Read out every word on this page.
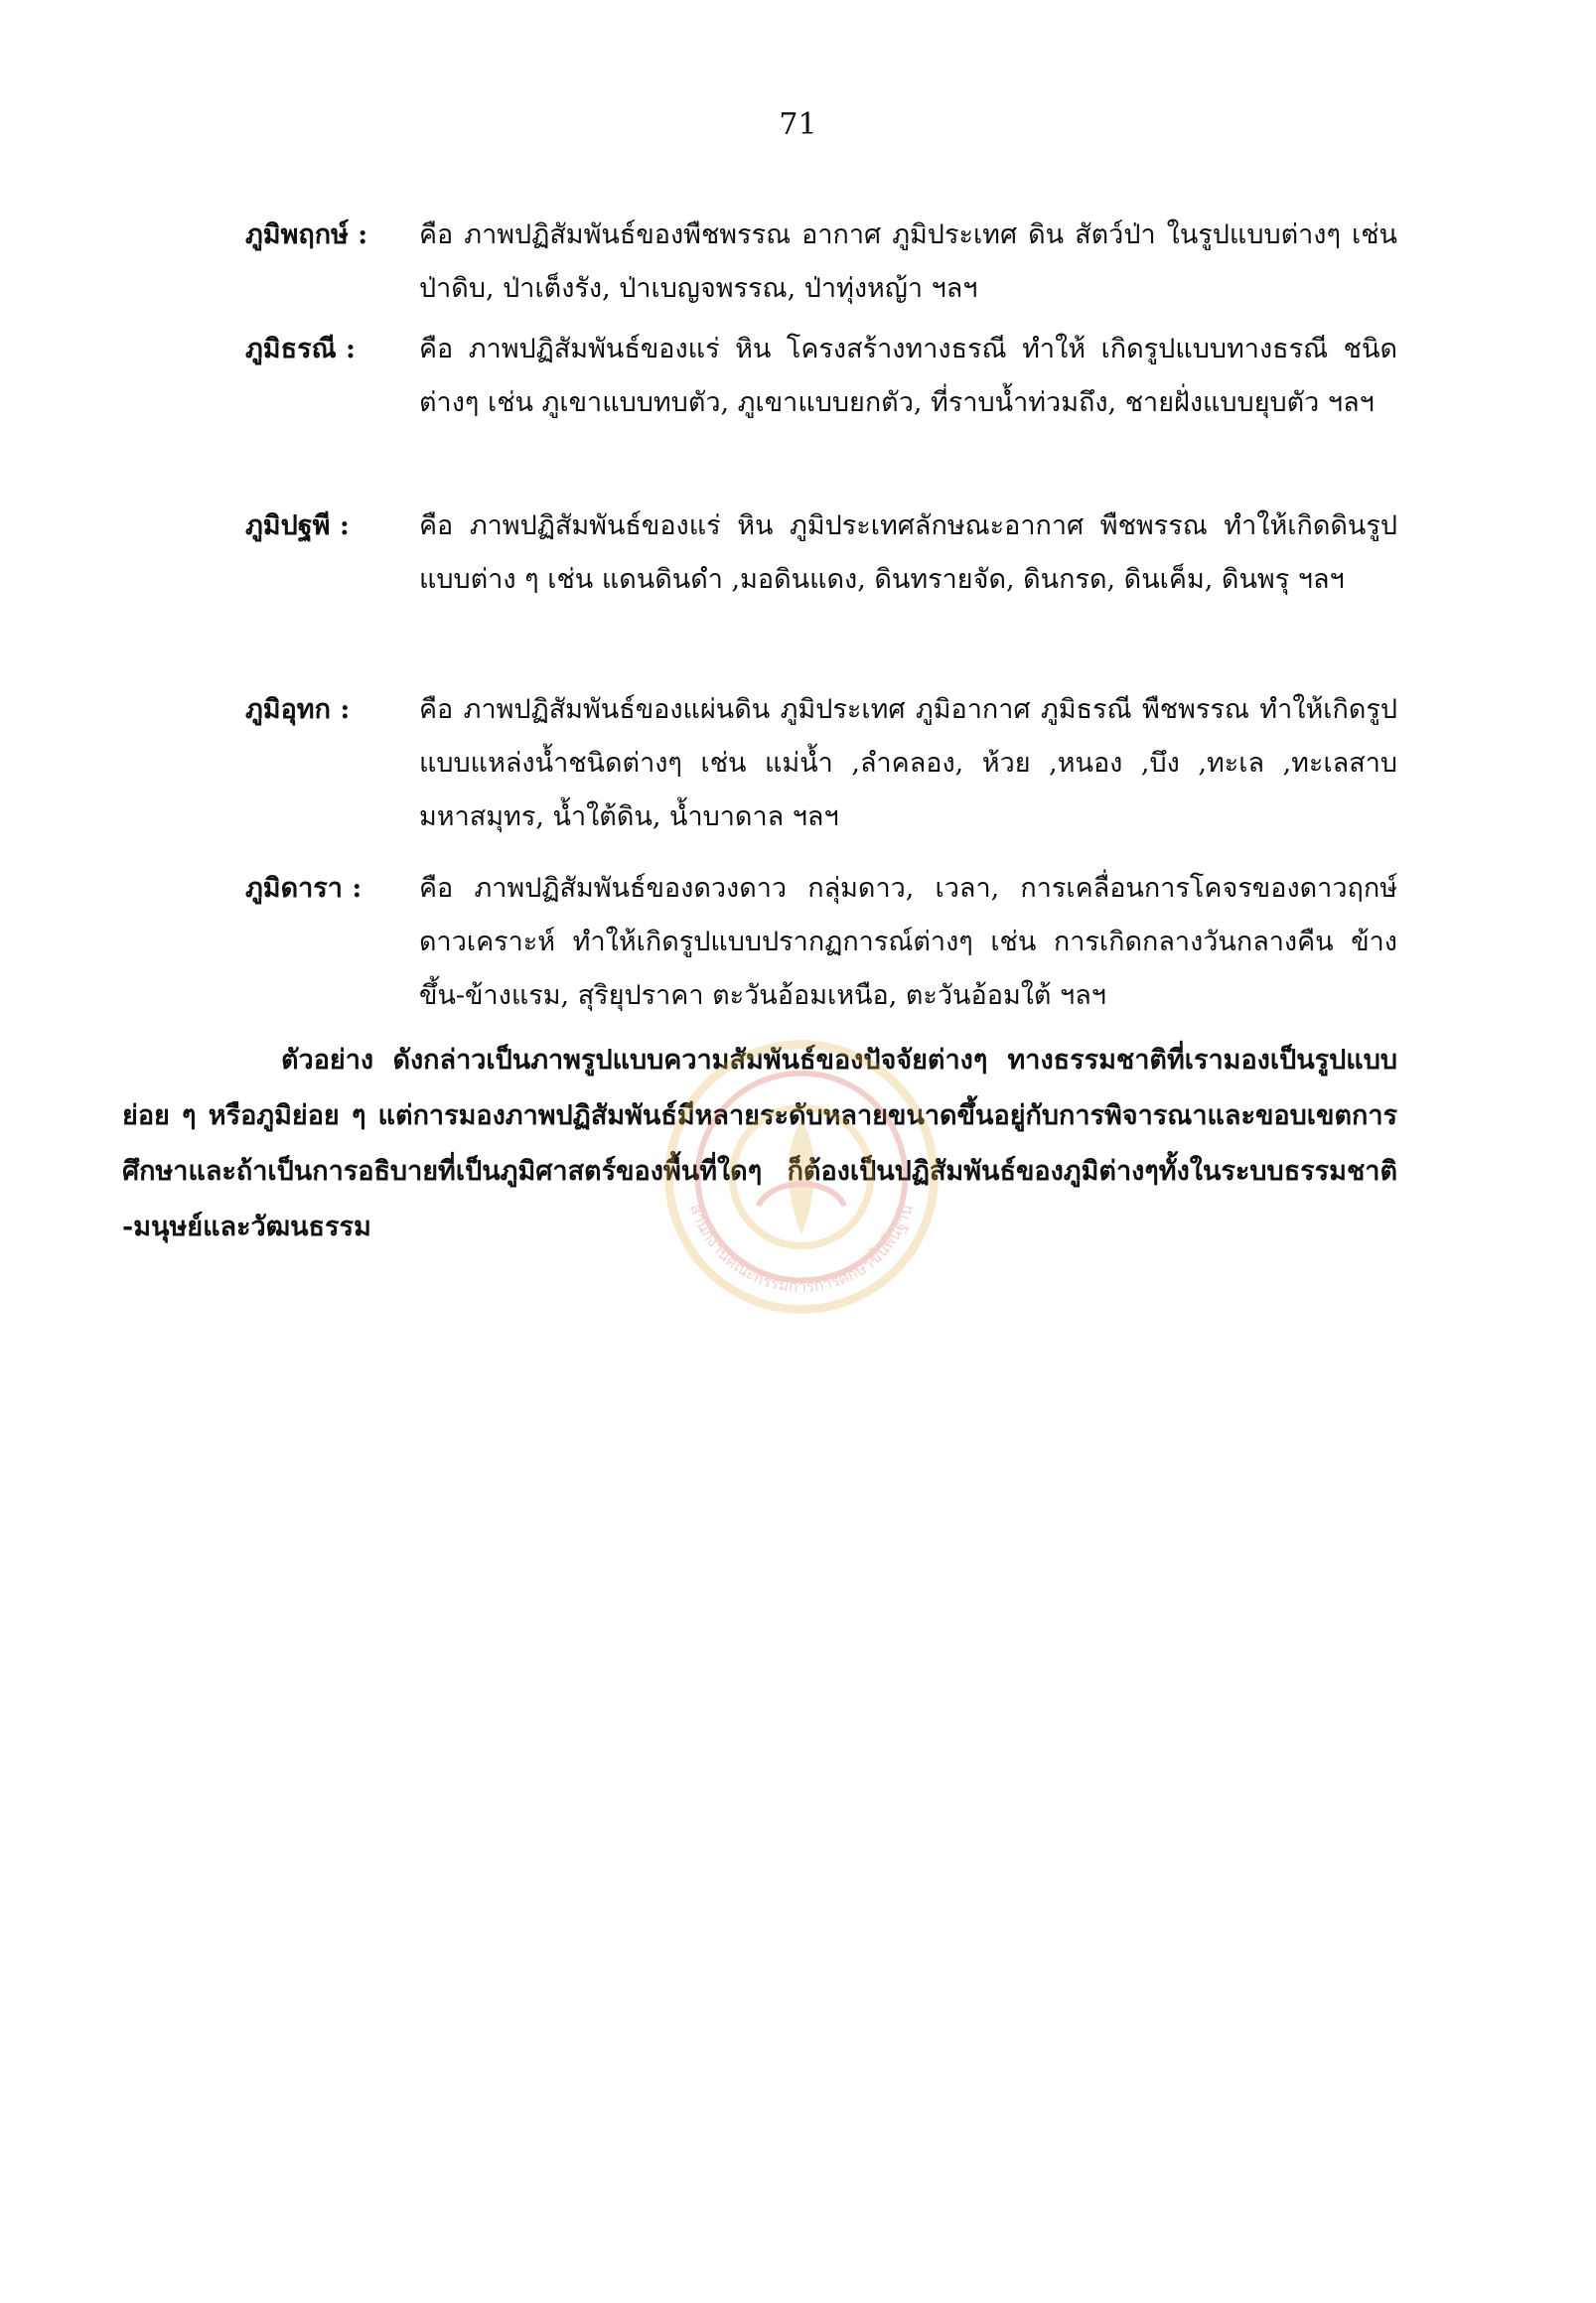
71
ภูมิพฤกษ์ :	คือ ภาพปฏิสัมพันธ์ของพืชพรรณ อากาศ ภูมิประเทศ ดิน สัตว์ป่า ในรูปแบบต่างๆ เช่น ป่าดิบ, ป่าเต็งรัง, ป่าเบญจพรรณ, ป่าทุ่งหญ้า ฯลฯ
ภูมิธรณี :	คือ ภาพปฏิสัมพันธ์ของแร่ หิน โครงสร้างทางธรณี ทำให้ เกิดรูปแบบทางธรณี ชนิดต่างๆ เช่น ภูเขาแบบทบตัว, ภูเขาแบบยกตัว, ที่ราบน้ำท่วมถึง, ชายฝั่งแบบยุบตัว ฯลฯ
ภูมิปฐพี :	คือ ภาพปฏิสัมพันธ์ของแร่ หิน ภูมิประเทศลักษณะอากาศ พืชพรรณ ทำให้เกิดดินรูปแบบต่าง ๆ เช่น แดนดินดำ ,มอดินแดง, ดินทรายจัด, ดินกรด, ดินเค็ม, ดินพรุ ฯลฯ
ภูมิอุทก :	คือ ภาพปฏิสัมพันธ์ของแผ่นดิน ภูมิประเทศ ภูมิอากาศ ภูมิธรณี พืชพรรณ ทำให้เกิดรูปแบบแหล่งน้ำชนิดต่างๆ เช่น แม่น้ำ ,ลำคลอง, ห้วย ,หนอง ,บึง ,ทะเล ,ทะเลสาบ มหาสมุทร, น้ำใต้ดิน, น้ำบาดาล ฯลฯ
ภูมิดารา :	คือ ภาพปฏิสัมพันธ์ของดวงดาว กลุ่มดาว, เวลา, การเคลื่อนการโคจรของดาวฤกษ์ ดาวเคราะห์ ทำให้เกิดรูปแบบปรากฏการณ์ต่างๆ เช่น การเกิดกลางวันกลางคืน ข้างขึ้น-ข้างแรม, สุริยุปราคา ตะวันอ้อมเหนือ, ตะวันอ้อมใต้ ฯลฯ
ตัวอย่าง ดังกล่าวเป็นภาพรูปแบบความสัมพันธ์ของปัจจัยต่างๆ ทางธรรมชาติที่เรามองเป็นรูปแบบย่อย ๆ หรือภูมิย่อย ๆ แต่การมองภาพปฏิสัมพันธ์มีหลายระดับหลายขนาดขึ้นอยู่กับการพิจารณาและขอบเขตการศึกษาและถ้าเป็นการอธิบายที่เป็นภูมิศาสตร์ของพื้นที่ใดๆ ก็ต้องเป็นปฏิสัมพันธ์ของภูมิต่างๆทั้งในระบบธรรมชาติ -มนุษย์และวัฒนธรรม	สำนักงานคณะกรรมการการศึกษาขั้นพื้นฐาน
